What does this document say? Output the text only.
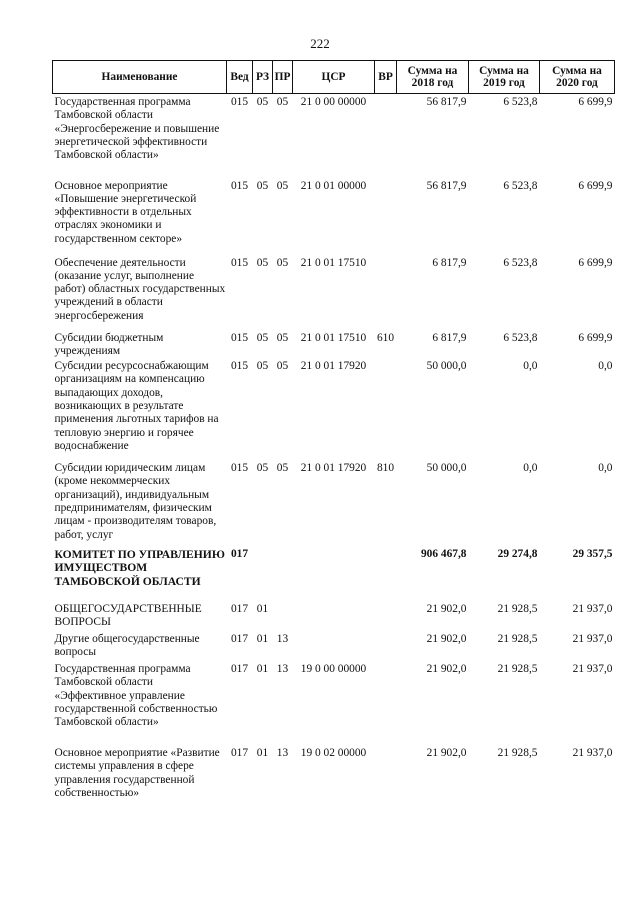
222
Наименование	Вед	РЗ	ПР	ЦСР	ВР	Сумма на 2018 год	Сумма на 2019 год	Сумма на 2020 год
Государственная программа Тамбовской области «Энергосбережение и повышение энергетической эффективности Тамбовской области»	015	05	05	21 0 00 00000		56 817,9	6 523,8	6 699,9
Основное мероприятие «Повышение энергетической эффективности в отдельных отраслях экономики и государственном секторе»	015	05	05	21 0 01 00000		56 817,9	6 523,8	6 699,9
Обеспечение деятельности (оказание услуг, выполнение работ) областных государственных учреждений в области энергосбережения	015	05	05	21 0 01 17510		6 817,9	6 523,8	6 699,9
Субсидии бюджетным учреждениям	015	05	05	21 0 01 17510	610	6 817,9	6 523,8	6 699,9
Субсидии ресурсоснабжающим организациям на компенсацию выпадающих доходов, возникающих в результате применения льготных тарифов на тепловую энергию и горячее водоснабжение	015	05	05	21 0 01 17920		50 000,0	0,0	0,0
Субсидии юридическим лицам (кроме некоммерческих организаций), индивидуальным предпринимателям, физическим лицам - производителям товаров, работ, услуг	015	05	05	21 0 01 17920	810	50 000,0	0,0	0,0
КОМИТЕТ ПО УПРАВЛЕНИЮ ИМУЩЕСТВОМ ТАМБОВСКОЙ ОБЛАСТИ	017					906 467,8	29 274,8	29 357,5
ОБЩЕГОСУДАРСТВЕННЫЕ ВОПРОСЫ	017	01				21 902,0	21 928,5	21 937,0
Другие общегосударственные вопросы	017	01	13			21 902,0	21 928,5	21 937,0
Государственная программа Тамбовской области «Эффективное управление государственной собственностью Тамбовской области»	017	01	13	19 0 00 00000		21 902,0	21 928,5	21 937,0
Основное мероприятие «Развитие системы управления в сфере управления государственной собственностью»	017	01	13	19 0 02 00000		21 902,0	21 928,5	21 937,0
